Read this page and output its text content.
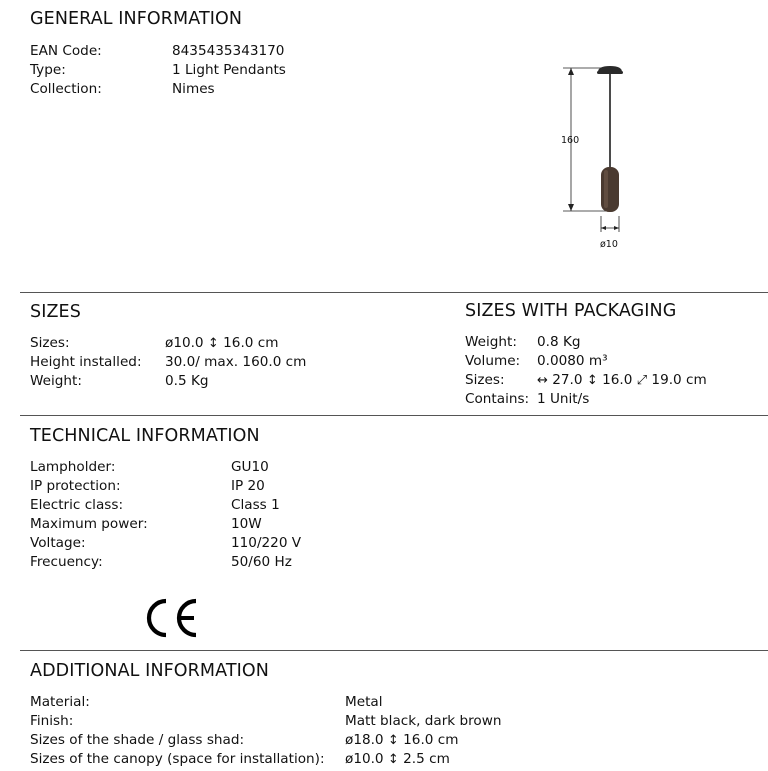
GENERAL INFORMATION
EAN Code:	8435435343170
Type:	1 Light Pendants
Collection:	Nimes
160
ø10
SIZES
Sizes:	ø10.0 ↕ 16.0 cm
Height installed: 30.0/ max. 160.0 cm
Weight:	0.5 Kg
SIZES WITH PACKAGING
Weight: 0.8 Kg
Volume: 0.0080 m³
Sizes: ↔ 27.0 ↕ 16.0 ⤢ 19.0 cm
Contains: 1 Unit/s
TECHNICAL INFORMATION
Lampholder:	GU10
IP protection:	IP 20
Electric class:	Class 1
Maximum power:	10W
Voltage:	110/220 V
Frecuency:	50/60 Hz
ADDITIONAL INFORMATION
Material:	Metal
Finish:	Matt black, dark brown
Sizes of the shade / glass shad:	ø18.0 ↕ 16.0 cm
Sizes of the canopy (space for installation): ø10.0 ↕ 2.5 cm
